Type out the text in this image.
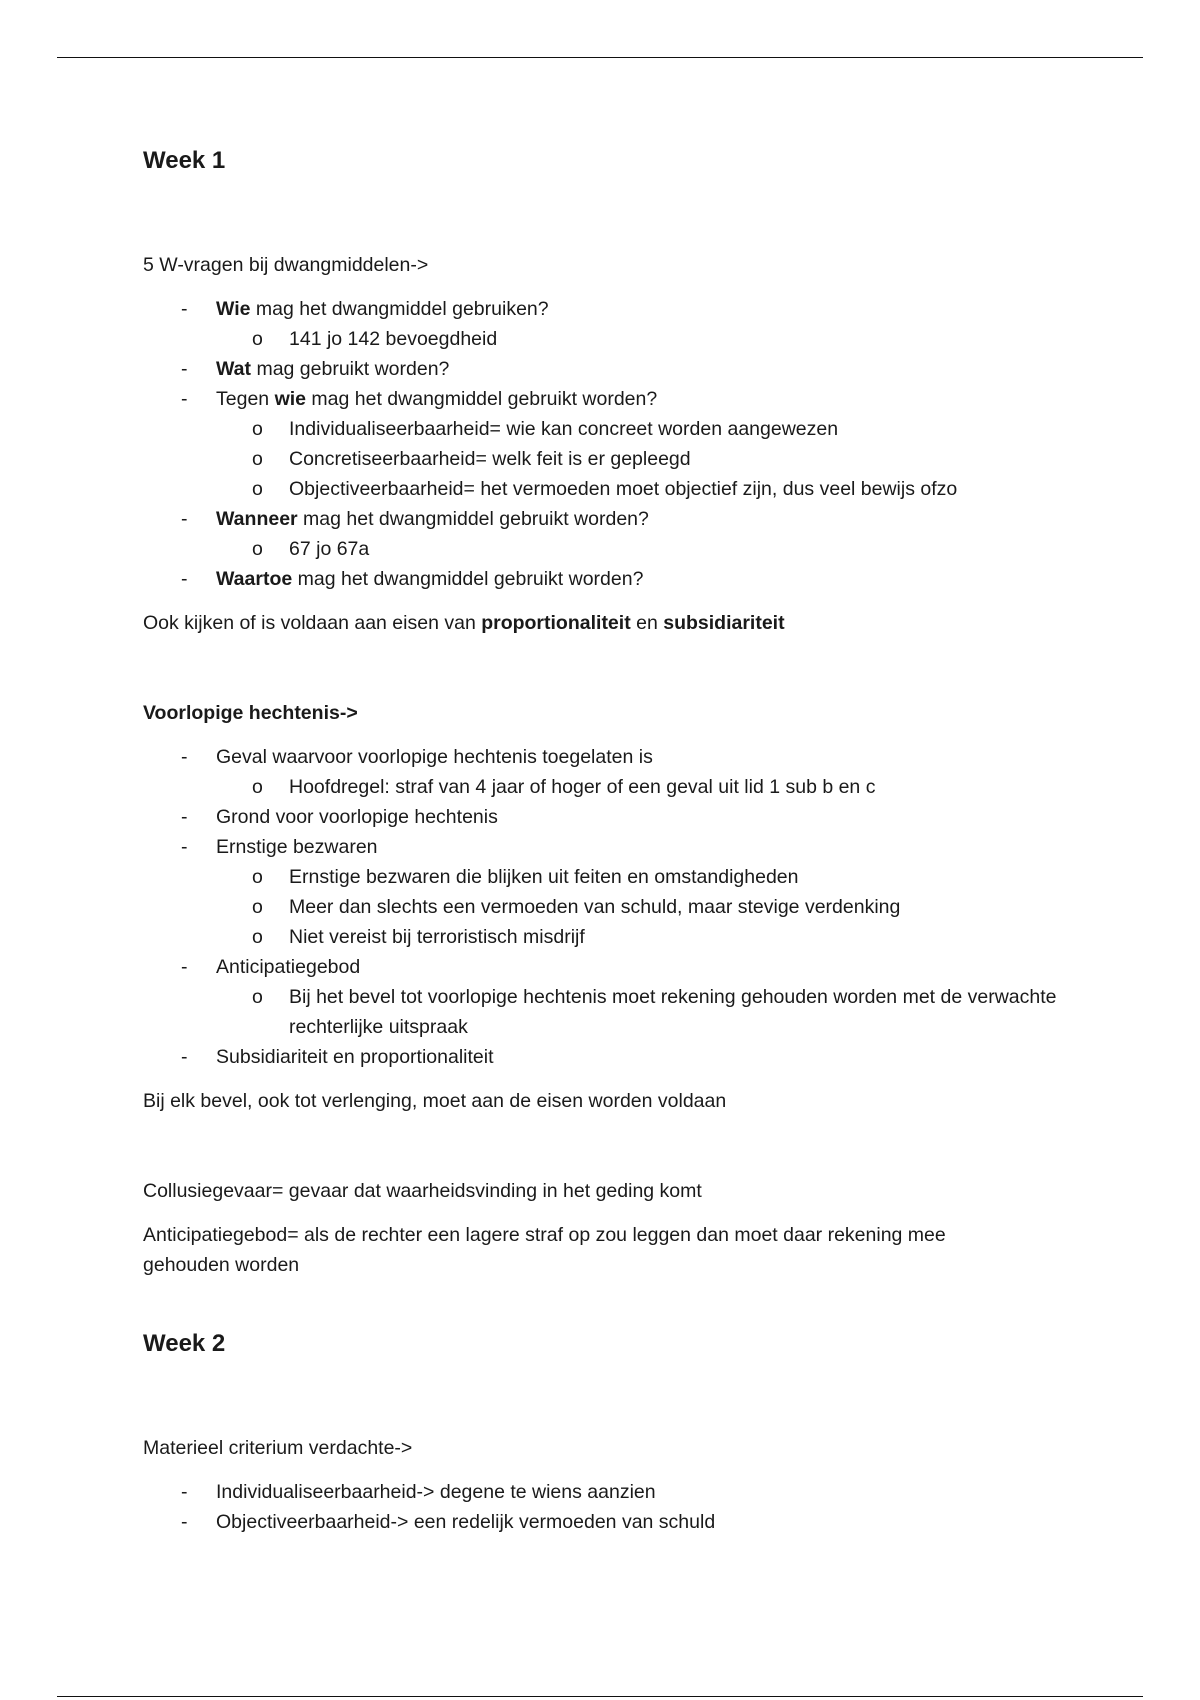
Week 1

5 W-vragen bij dwangmiddelen->

- Wie mag het dwangmiddel gebruiken?
o 141 jo 142 bevoegdheid
- Wat mag gebruikt worden?
- Tegen wie mag het dwangmiddel gebruikt worden?
o Individualiseerbaarheid= wie kan concreet worden aangewezen
o Concretiseerbaarheid= welk feit is er gepleegd
o Objectiveerbaarheid= het vermoeden moet objectief zijn, dus veel bewijs ofzo
- Wanneer mag het dwangmiddel gebruikt worden?
o 67 jo 67a
- Waartoe mag het dwangmiddel gebruikt worden?

Ook kijken of is voldaan aan eisen van proportionaliteit en subsidiariteit

Voorlopige hechtenis->

- Geval waarvoor voorlopige hechtenis toegelaten is
o Hoofdregel: straf van 4 jaar of hoger of een geval uit lid 1 sub b en c
- Grond voor voorlopige hechtenis
- Ernstige bezwaren
o Ernstige bezwaren die blijken uit feiten en omstandigheden
o Meer dan slechts een vermoeden van schuld, maar stevige verdenking
o Niet vereist bij terroristisch misdrijf
- Anticipatiegebod
o Bij het bevel tot voorlopige hechtenis moet rekening gehouden worden met de verwachte rechterlijke uitspraak
- Subsidiariteit en proportionaliteit

Bij elk bevel, ook tot verlenging, moet aan de eisen worden voldaan

Collusiegevaar= gevaar dat waarheidsvinding in het geding komt

Anticipatiegebod= als de rechter een lagere straf op zou leggen dan moet daar rekening mee gehouden worden

Week 2

Materieel criterium verdachte->

- Individualiseerbaarheid-> degene te wiens aanzien
- Objectiveerbaarheid-> een redelijk vermoeden van schuld
